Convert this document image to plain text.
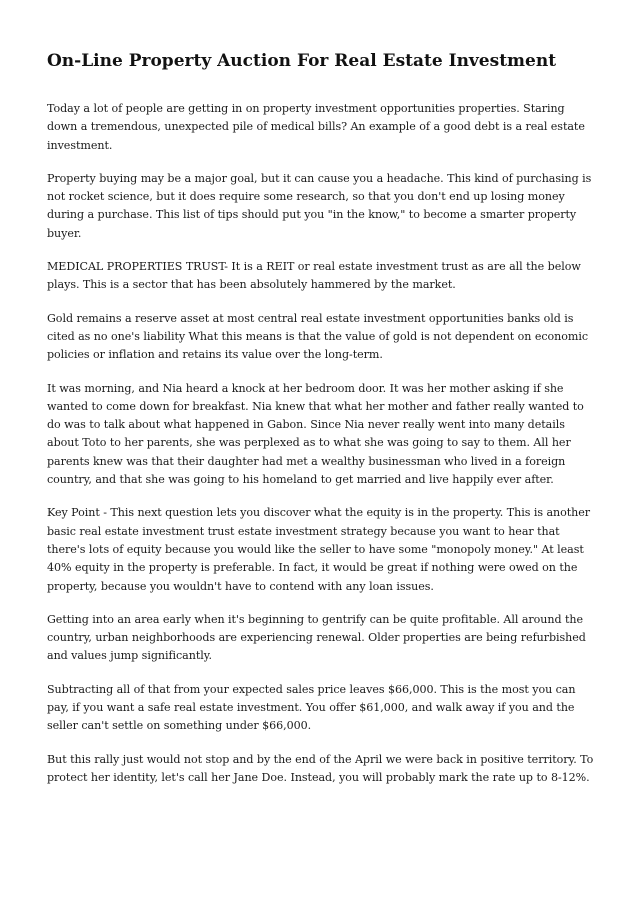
On-Line Property Auction For Real Estate Investment

Today a lot of people are getting in on property investment opportunities properties. Staring down a tremendous, unexpected pile of medical bills? An example of a good debt is a real estate investment.

Property buying may be a major goal, but it can cause you a headache. This kind of purchasing is not rocket science, but it does require some research, so that you don't end up losing money during a purchase. This list of tips should put you "in the know," to become a smarter property buyer.

MEDICAL PROPERTIES TRUST- It is a REIT or real estate investment trust as are all the below plays. This is a sector that has been absolutely hammered by the market.

Gold remains a reserve asset at most central real estate investment opportunities banks old is cited as no one's liability What this means is that the value of gold is not dependent on economic policies or inflation and retains its value over the long-term.

It was morning, and Nia heard a knock at her bedroom door. It was her mother asking if she wanted to come down for breakfast. Nia knew that what her mother and father really wanted to do was to talk about what happened in Gabon. Since Nia never really went into many details about Toto to her parents, she was perplexed as to what she was going to say to them. All her parents knew was that their daughter had met a wealthy businessman who lived in a foreign country, and that she was going to his homeland to get married and live happily ever after.

Key Point - This next question lets you discover what the equity is in the property. This is another basic real estate investment trust estate investment strategy because you want to hear that there's lots of equity because you would like the seller to have some "monopoly money." At least 40% equity in the property is preferable. In fact, it would be great if nothing were owed on the property, because you wouldn't have to contend with any loan issues.

Getting into an area early when it's beginning to gentrify can be quite profitable. All around the country, urban neighborhoods are experiencing renewal. Older properties are being refurbished and values jump significantly.

Subtracting all of that from your expected sales price leaves $66,000. This is the most you can pay, if you want a safe real estate investment. You offer $61,000, and walk away if you and the seller can't settle on something under $66,000.

But this rally just would not stop and by the end of the April we were back in positive territory. To protect her identity, let's call her Jane Doe. Instead, you will probably mark the rate up to 8-12%.
